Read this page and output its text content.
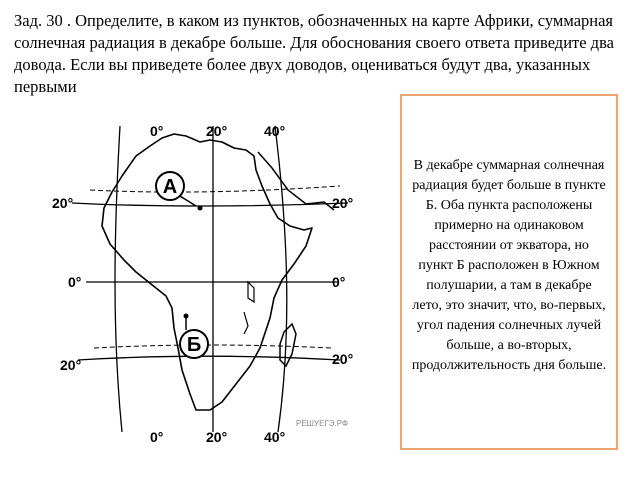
Зад. 30 . Определите, в каком из пунктов, обозначенных на карте Африки, суммарная солнечная радиация в декабре больше. Для обоснования своего ответа приведите два довода. Если вы приведете более двух доводов, оцениваться будут два, указанных первыми

А
Б
0°	20°	40°
20°
0°
20°
20°
0°
20°
0°	20°	40°
РЕШУЕГЭ.РФ

В декабре суммарная солнечная радиация будет больше в пункте Б. Оба пункта расположены примерно на одинаковом расстоянии от экватора, но пункт Б расположен в Южном полушарии, а там в декабре лето, это значит, что, во-первых, угол падения солнечных лучей больше, а во-вторых, продолжительность дня больше.
